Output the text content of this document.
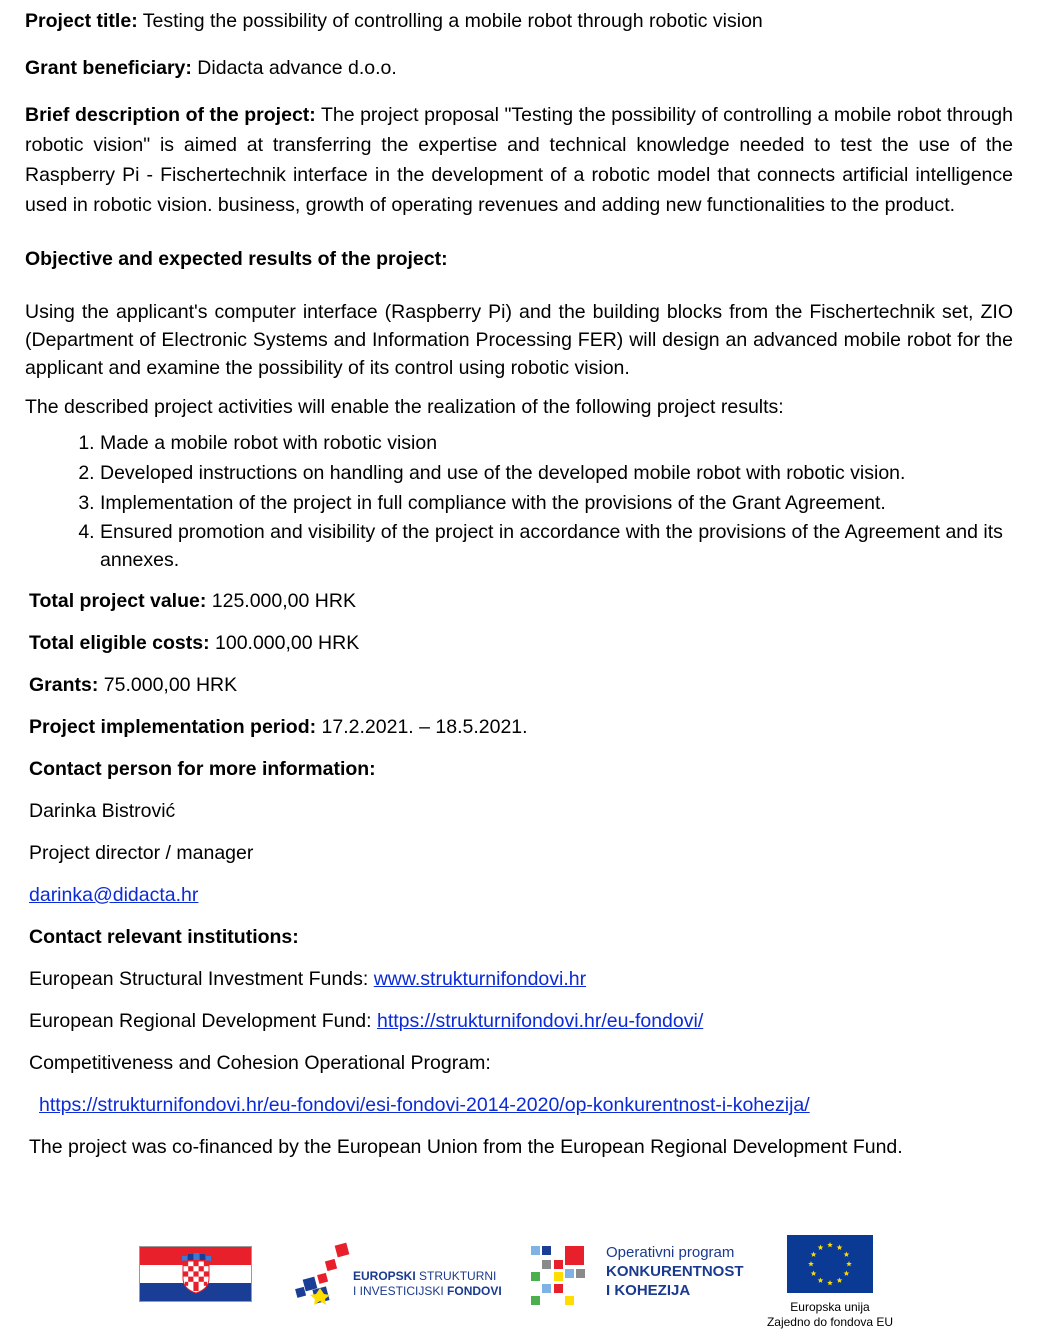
Project title: Testing the possibility of controlling a mobile robot through robotic vision

Grant beneficiary: Didacta advance d.o.o.

Brief description of the project: The project proposal "Testing the possibility of controlling a mobile robot through robotic vision" is aimed at transferring the expertise and technical knowledge needed to test the use of the Raspberry Pi - Fischertechnik interface in the development of a robotic model that connects artificial intelligence used in robotic vision. business, growth of operating revenues and adding new functionalities to the product.

Objective and expected results of the project:

Using the applicant's computer interface (Raspberry Pi) and the building blocks from the Fischertechnik set, ZIO (Department of Electronic Systems and Information Processing FER) will design an advanced mobile robot for the applicant and examine the possibility of its control using robotic vision.

The described project activities will enable the realization of the following project results:

1. Made a mobile robot with robotic vision
2. Developed instructions on handling and use of the developed mobile robot with robotic vision.
3. Implementation of the project in full compliance with the provisions of the Grant Agreement.
4. Ensured promotion and visibility of the project in accordance with the provisions of the Agreement and its annexes.

Total project value: 125.000,00 HRK

Total eligible costs: 100.000,00 HRK

Grants: 75.000,00 HRK

Project implementation period: 17.2.2021. – 18.5.2021.

Contact person for more information:

Darinka Bistrović

Project director / manager

darinka@didacta.hr

Contact relevant institutions:

European Structural Investment Funds: www.strukturnifondovi.hr

European Regional Development Fund: https://strukturnifondovi.hr/eu-fondovi/

Competitiveness and Cohesion Operational Program:

https://strukturnifondovi.hr/eu-fondovi/esi-fondovi-2014-2020/op-konkurentnost-i-kohezija/

The project was co-financed by the European Union from the European Regional Development Fund.

EUROPSKI STRUKTURNI
I INVESTICIJSKI FONDOVI
Operativni program
KONKURENTNOST
I KOHEZIJA
Europska unija
Zajedno do fondova EU
